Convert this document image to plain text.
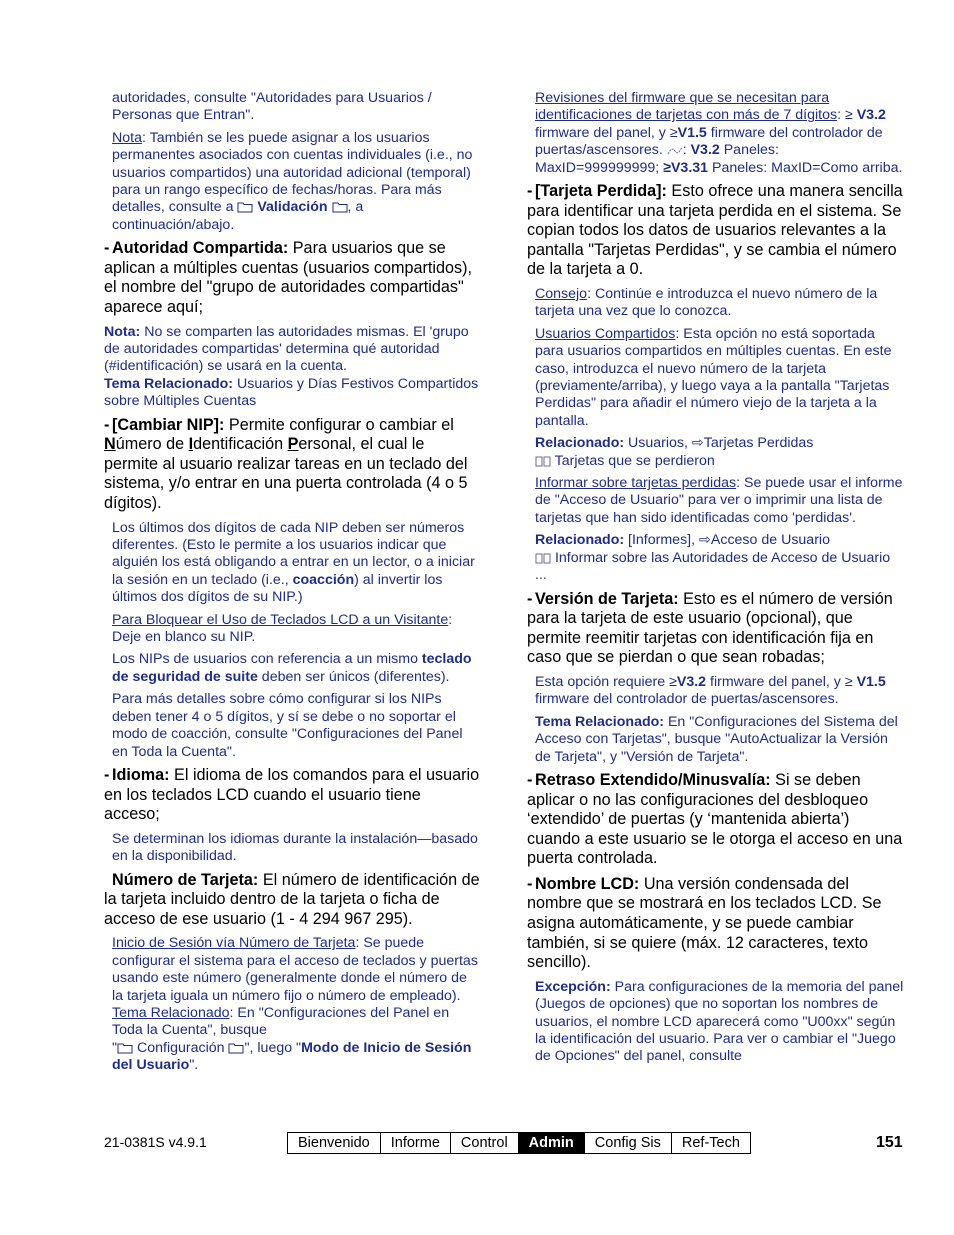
autoridades, consulte "Autoridades para Usuarios / Personas que Entran".

Nota: También se les puede asignar a los usuarios permanentes asociados con cuentas individuales (i.e., no usuarios compartidos) una autoridad adicional (temporal) para un rango específico de fechas/horas. Para más detalles, consulte a  Validación , a continuación/abajo.

- Autoridad Compartida: Para usuarios que se aplican a múltiples cuentas (usuarios compartidos), el nombre del "grupo de autoridades compartidas" aparece aquí;

Nota: No se comparten las autoridades mismas. El 'grupo de autoridades compartidas' determina qué autoridad (#identificación) se usará en la cuenta.
Tema Relacionado: Usuarios y Días Festivos Compartidos sobre Múltiples Cuentas

- [Cambiar NIP]: Permite configurar o cambiar el Número de Identificación Personal, el cual le permite al usuario realizar tareas en un teclado del sistema, y/o entrar en una puerta controlada (4 o 5 dígitos).

Los últimos dos dígitos de cada NIP deben ser números diferentes. (Esto le permite a los usuarios indicar que alguién los está obligando a entrar en un lector, o a iniciar la sesión en un teclado (i.e., coacción) al invertir los últimos dos dígitos de su NIP.)

Para Bloquear el Uso de Teclados LCD a un Visitante: Deje en blanco su NIP.

Los NIPs de usuarios con referencia a un mismo teclado de seguridad de suite deben ser únicos (diferentes).

Para más detalles sobre cómo configurar si los NIPs deben tener 4 o 5 dígitos, y sí se debe o no soportar el modo de coacción, consulte "Configuraciones del Panel en Toda la Cuenta".

- Idioma: El idioma de los comandos para el usuario en los teclados LCD cuando el usuario tiene acceso;

Se determinan los idiomas durante la instalación—basado en la disponibilidad.

Número de Tarjeta: El número de identificación de la tarjeta incluido dentro de la tarjeta o ficha de acceso de ese usuario (1 - 4 294 967 295).

Inicio de Sesión vía Número de Tarjeta: Se puede configurar el sistema para el acceso de teclados y puertas usando este número (generalmente donde el número de la tarjeta iguala un número fijo o número de empleado).
Tema Relacionado: En "Configuraciones del Panel en Toda la Cuenta", busque
" Configuración ", luego "Modo de Inicio de Sesión del Usuario".

Revisiones del firmware que se necesitan para identificaciones de tarjetas con más de 7 dígitos: ≥ V3.2 firmware del panel, y ≥V1.5 firmware del controlador de puertas/ascensores. : V3.2 Paneles: MaxID=999999999; ≥V3.31 Paneles: MaxID=Como arriba.

- [Tarjeta Perdida]: Esto ofrece una manera sencilla para identificar una tarjeta perdida en el sistema. Se copian todos los datos de usuarios relevantes a la pantalla "Tarjetas Perdidas", y se cambia el número de la tarjeta a 0.

Consejo: Continúe e introduzca el nuevo número de la tarjeta una vez que lo conozca.

Usuarios Compartidos: Esta opción no está soportada para usuarios compartidos en múltiples cuentas. En este caso, introduzca el nuevo número de la tarjeta (previamente/arriba), y luego vaya a la pantalla "Tarjetas Perdidas" para añadir el número viejo de la tarjeta a la pantalla.

Relacionado: Usuarios, ⇨Tarjetas Perdidas
Tarjetas que se perdieron

Informar sobre tarjetas perdidas: Se puede usar el informe de "Acceso de Usuario" para ver o imprimir una lista de tarjetas que han sido identificadas como 'perdidas'.

Relacionado: [Informes], ⇨Acceso de Usuario
Informar sobre las Autoridades de Acceso de Usuario ...

- Versión de Tarjeta: Esto es el número de versión para la tarjeta de este usuario (opcional), que permite reemitir tarjetas con identificación fija en caso que se pierdan o que sean robadas;

Esta opción requiere ≥V3.2 firmware del panel, y ≥ V1.5 firmware del controlador de puertas/ascensores.

Tema Relacionado: En "Configuraciones del Sistema del Acceso con Tarjetas", busque "AutoActualizar la Versión de Tarjeta", y "Versión de Tarjeta".

- Retraso Extendido/Minusvalía: Si se deben aplicar o no las configuraciones del desbloqueo ‘extendido’ de puertas (y ‘mantenida abierta’) cuando a este usuario se le otorga el acceso en una puerta controlada.

- Nombre LCD: Una versión condensada del nombre que se mostrará en los teclados LCD. Se asigna automáticamente, y se puede cambiar también, si se quiere (máx. 12 caracteres, texto sencillo).

Excepción: Para configuraciones de la memoria del panel (Juegos de opciones) que no soportan los nombres de usuarios, el nombre LCD aparecerá como "U00xx" según la identificación del usuario. Para ver o cambiar el "Juego de Opciones" del panel, consulte

21-0381S v4.9.1	Bienvenido	Informe	Control	Admin	Config Sis	Ref-Tech	151
